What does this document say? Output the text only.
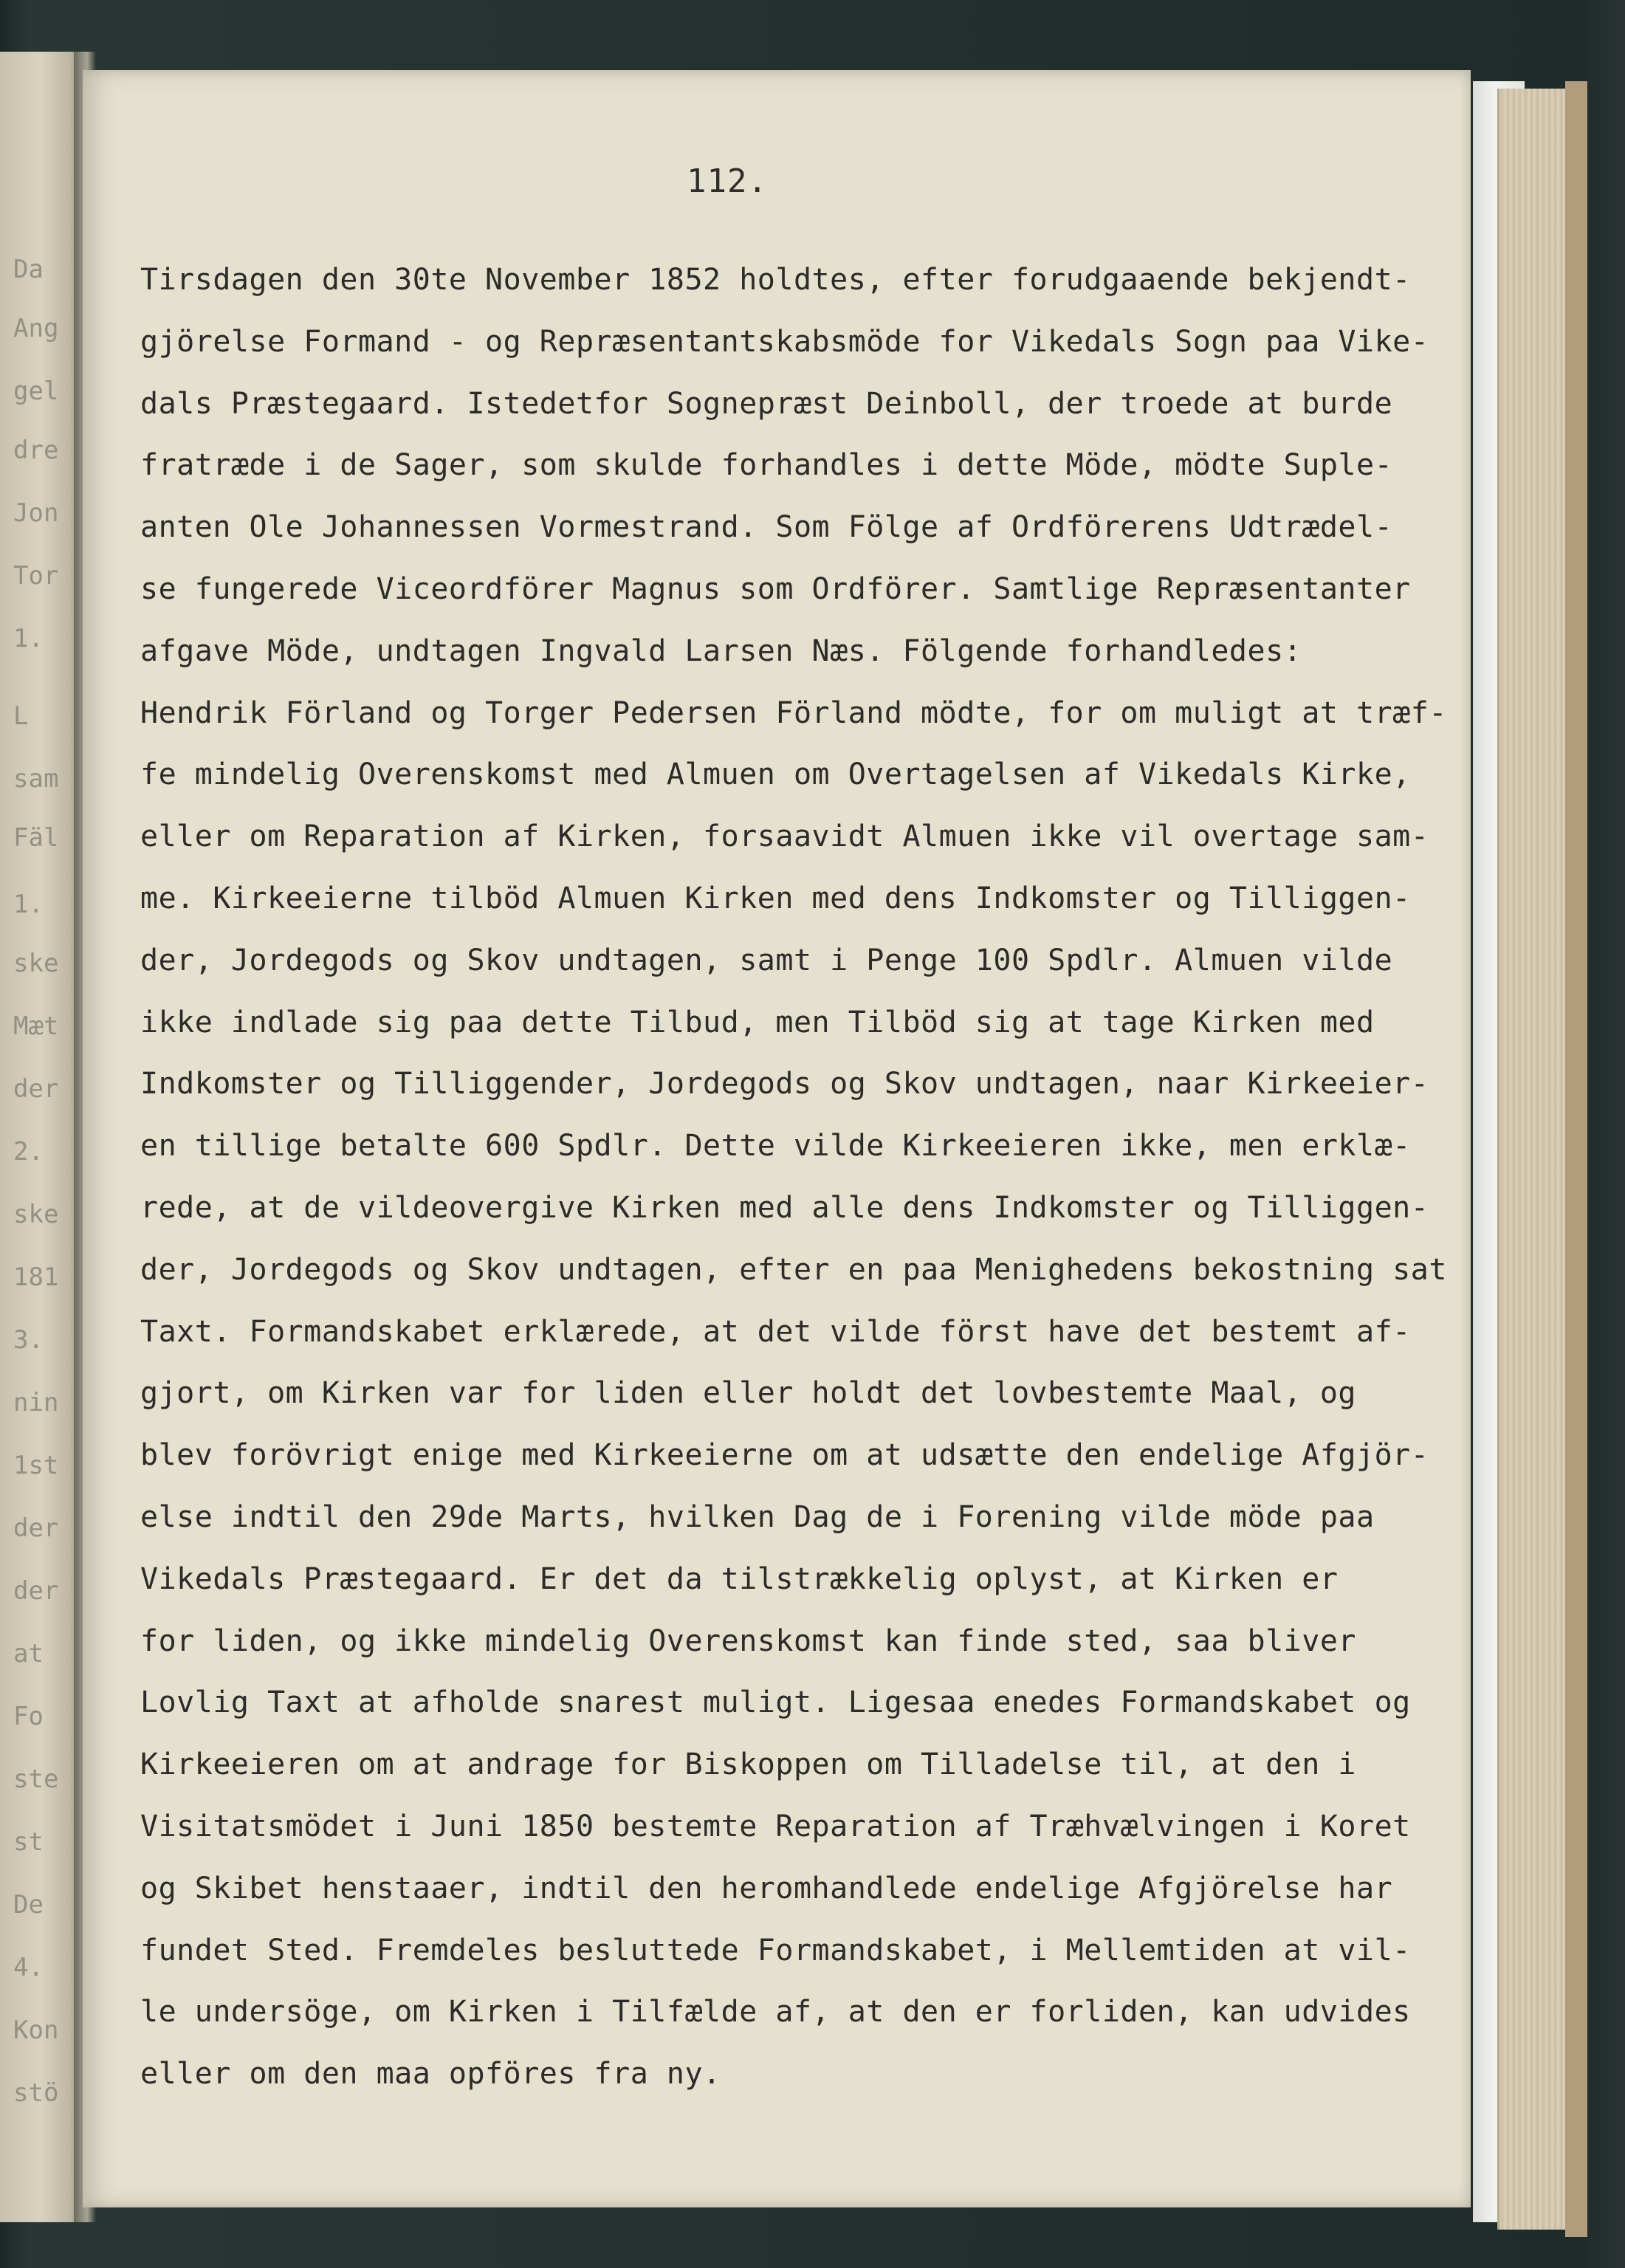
Da
Ang
gel
dre
Jon
Tor
1.
L
sam
Fäl
1.
ske
Mæt
der
2.
ske
181
3.
nin
1st
der
der
at
Fo
ste
st
De
4.
Kon
stö
112.
Tirsdagen den 30te November 1852 holdtes, efter forudgaaende bekjendt-
gjörelse Formand - og Repræsentantskabsmöde for Vikedals Sogn paa Vike-
dals Præstegaard. Istedetfor Sognepræst Deinboll, der troede at burde
fratræde i de Sager, som skulde forhandles i dette Möde, mödte Suple-
anten Ole Johannessen Vormestrand. Som Fölge af Ordförerens Udtrædel-
se fungerede Viceordförer Magnus som Ordförer. Samtlige Repræsentanter
afgave Möde, undtagen Ingvald Larsen Næs. Fölgende forhandledes:
Hendrik Förland og Torger Pedersen Förland mödte, for om muligt at træf-
fe mindelig Overenskomst med Almuen om Overtagelsen af Vikedals Kirke,
eller om Reparation af Kirken, forsaavidt Almuen ikke vil overtage sam-
me. Kirkeeierne tilböd Almuen Kirken med dens Indkomster og Tilliggen-
der, Jordegods og Skov undtagen, samt i Penge 100 Spdlr. Almuen vilde
ikke indlade sig paa dette Tilbud, men Tilböd sig at tage Kirken med
Indkomster og Tilliggender, Jordegods og Skov undtagen, naar Kirkeeier-
en tillige betalte 600 Spdlr. Dette vilde Kirkeeieren ikke, men erklæ-
rede, at de vildeovergive Kirken med alle dens Indkomster og Tilliggen-
der, Jordegods og Skov undtagen, efter en paa Menighedens bekostning sat
Taxt. Formandskabet erklærede, at det vilde först have det bestemt af-
gjort, om Kirken var for liden eller holdt det lovbestemte Maal, og
blev forövrigt enige med Kirkeeierne om at udsætte den endelige Afgjör-
else indtil den 29de Marts, hvilken Dag de i Forening vilde möde paa
Vikedals Præstegaard. Er det da tilstrækkelig oplyst, at Kirken er
for liden, og ikke mindelig Overenskomst kan finde sted, saa bliver
Lovlig Taxt at afholde snarest muligt. Ligesaa enedes Formandskabet og
Kirkeeieren om at andrage for Biskoppen om Tilladelse til, at den i
Visitatsmödet i Juni 1850 bestemte Reparation af Træhvælvingen i Koret
og Skibet henstaaer, indtil den heromhandlede endelige Afgjörelse har
fundet Sted. Fremdeles besluttede Formandskabet, i Mellemtiden at vil-
le undersöge, om Kirken i Tilfælde af, at den er forliden, kan udvides
eller om den maa opföres fra ny.
